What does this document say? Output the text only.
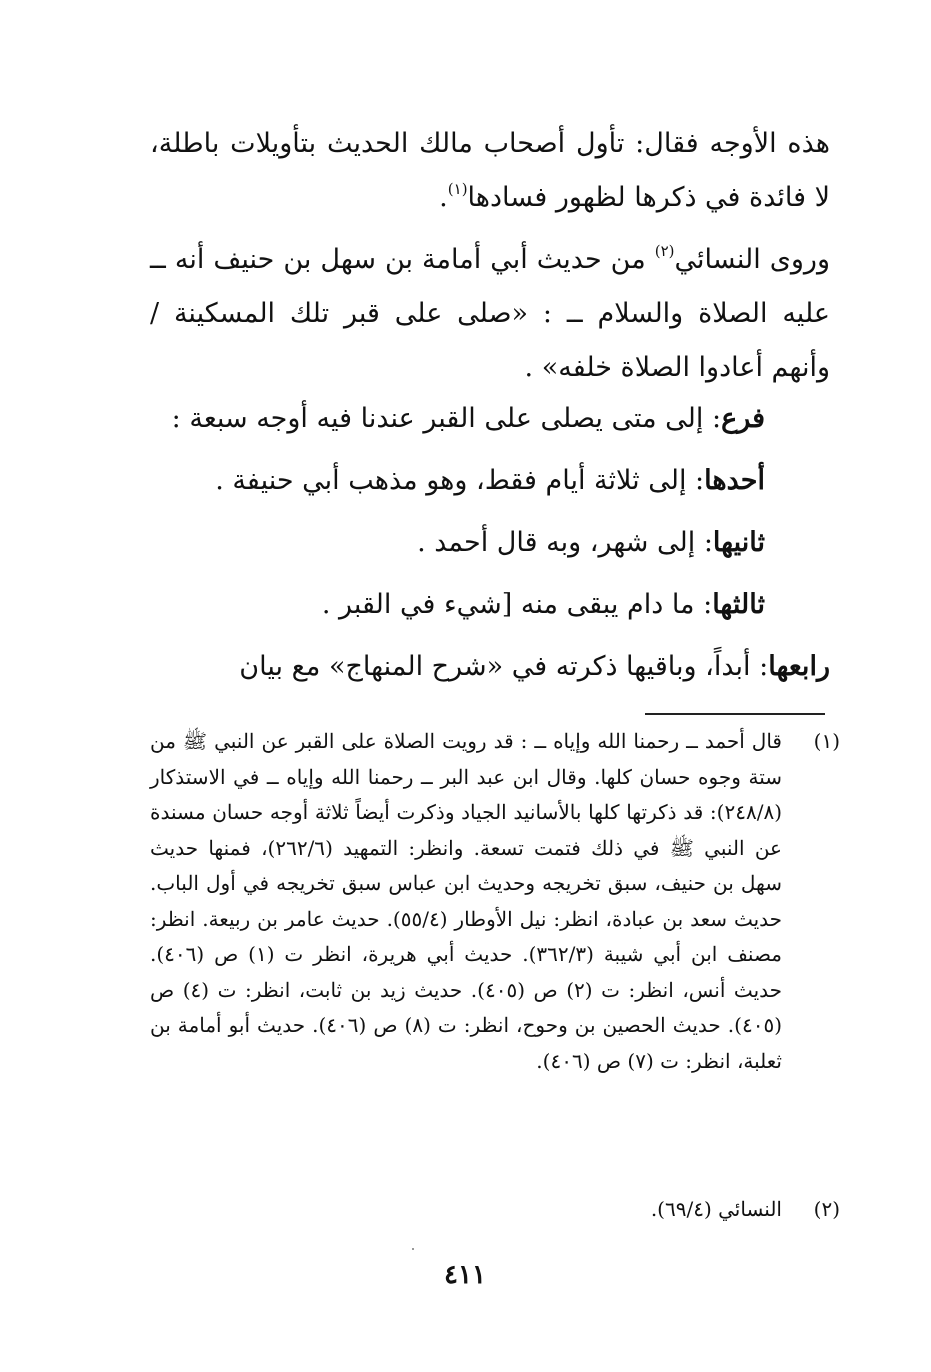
هذه الأوجه فقال: تأول أصحاب مالك الحديث بتأويلات باطلة، لا فائدة في ذكرها لظهور فسادها$^{(١)}$.

وروى النسائي$^{(٢)}$ من حديث أبي أمامة بن سهل بن حنيف أنه ــ عليه الصلاة والسلام ــ : «صلى على قبر تلك المسكينة / وأنهم أعادوا الصلاة خلفه» .

فرع: إلى متى يصلى على القبر عندنا فيه أوجه سبعة :
أحدها: إلى ثلاثة أيام فقط، وهو مذهب أبي حنيفة .
ثانيها: إلى شهر، وبه قال أحمد .
ثالثها: ما دام يبقى منه [شيء في القبر .

رابعها: أبداً، وباقيها ذكرته في «شرح المنهاج» مع بيان

(١)
قال أحمد ــ رحمنا الله وإياه ــ : قد رويت الصلاة على القبر عن النبي ﷺ من ستة وجوه حسان كلها. وقال ابن عبد البر ــ رحمنا الله وإياه ــ في الاستذكار (٢٤٨/٨): قد ذكرتها كلها بالأسانيد الجياد وذكرت أيضاً ثلاثة أوجه حسان مسندة عن النبي ﷺ في ذلك فتمت تسعة. وانظر: التمهيد (٢٦٢/٦)، فمنها حديث سهل بن حنيف، سبق تخريجه وحديث ابن عباس سبق تخريجه في أول الباب. حديث سعد بن عبادة، انظر: نيل الأوطار (٥٥/٤). حديث عامر بن ربيعة. انظر: مصنف ابن أبي شيبة (٣٦٢/٣). حديث أبي هريرة، انظر ت (١) ص (٤٠٦). حديث أنس، انظر: ت (٢) ص (٤٠٥). حديث زيد بن ثابت، انظر: ت (٤) ص (٤٠٥). حديث الحصين بن وحوح، انظر: ت (٨) ص (٤٠٦). حديث أبو أمامة بن ثعلبة، انظر: ت (٧) ص (٤٠٦).
(٢)
النسائي (٦٩/٤).
٤١١
